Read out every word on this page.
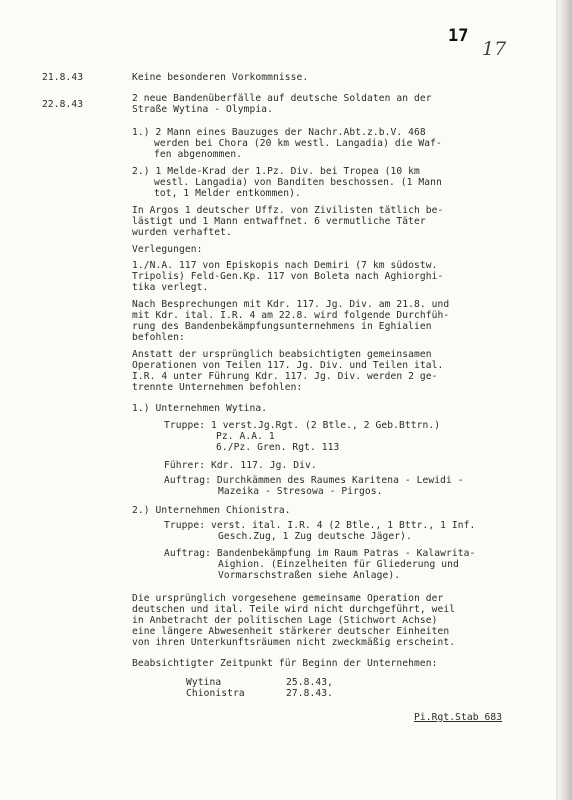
17
17
21.8.43	Keine besonderen Vorkommnisse.
22.8.43
2 neue Bandenüberfälle auf deutsche Soldaten an der
Straße Wytina - Olympia.
1.) 2 Mann eines Bauzuges der Nachr.Abt.z.b.V. 468
werden bei Chora (20 km westl. Langadia) die Waf-
fen abgenommen.
2.) 1 Melde-Krad der 1.Pz. Div. bei Tropea (10 km
westl. Langadia) von Banditen beschossen. (1 Mann
tot, 1 Melder entkommen).
In Argos 1 deutscher Uffz. von Zivilisten tätlich be-
lästigt und 1 Mann entwaffnet. 6 vermutliche Täter
wurden verhaftet.
Verlegungen:
1./N.A. 117 von Episkopis nach Demiri (7 km südostw.
Tripolis) Feld-Gen.Kp. 117 von Boleta nach Aghiorghi-
tika verlegt.
Nach Besprechungen mit Kdr. 117. Jg. Div. am 21.8. und
mit Kdr. ital. I.R. 4 am 22.8. wird folgende Durchfüh-
rung des Bandenbekämpfungsunternehmens in Eghialien
befohlen:
Anstatt der ursprünglich beabsichtigten gemeinsamen
Operationen von Teilen 117. Jg. Div. und Teilen ital.
I.R. 4 unter Führung Kdr. 117. Jg. Div. werden 2 ge-
trennte Unternehmen befohlen:
1.) Unternehmen Wytina.
Truppe: 1 verst.Jg.Rgt. (2 Btle., 2 Geb.Bttrn.)
Pz. A.A. 1
6./Pz. Gren. Rgt. 113
Führer: Kdr. 117. Jg. Div.
Auftrag: Durchkämmen des Raumes Karitena - Lewidi -
Mazeika - Stresowa - Pirgos.
2.) Unternehmen Chionistra.
Truppe: verst. ital. I.R. 4 (2 Btle., 1 Bttr., 1 Inf.
Gesch.Zug, 1 Zug deutsche Jäger).
Auftrag: Bandenbekämpfung im Raum Patras - Kalawrita-
Aighion. (Einzelheiten für Gliederung und
Vormarschstraßen siehe Anlage).
Die ursprünglich vorgesehene gemeinsame Operation der
deutschen und ital. Teile wird nicht durchgeführt, weil
in Anbetracht der politischen Lage (Stichwort Achse)
eine längere Abwesenheit stärkerer deutscher Einheiten
von ihren Unterkunftsräumen nicht zweckmäßig erscheint.
Beabsichtigter Zeitpunkt für Beginn der Unternehmen:
Wytina	25.8.43,
Chionistra	27.8.43.
Pi.Rgt.Stab 683
